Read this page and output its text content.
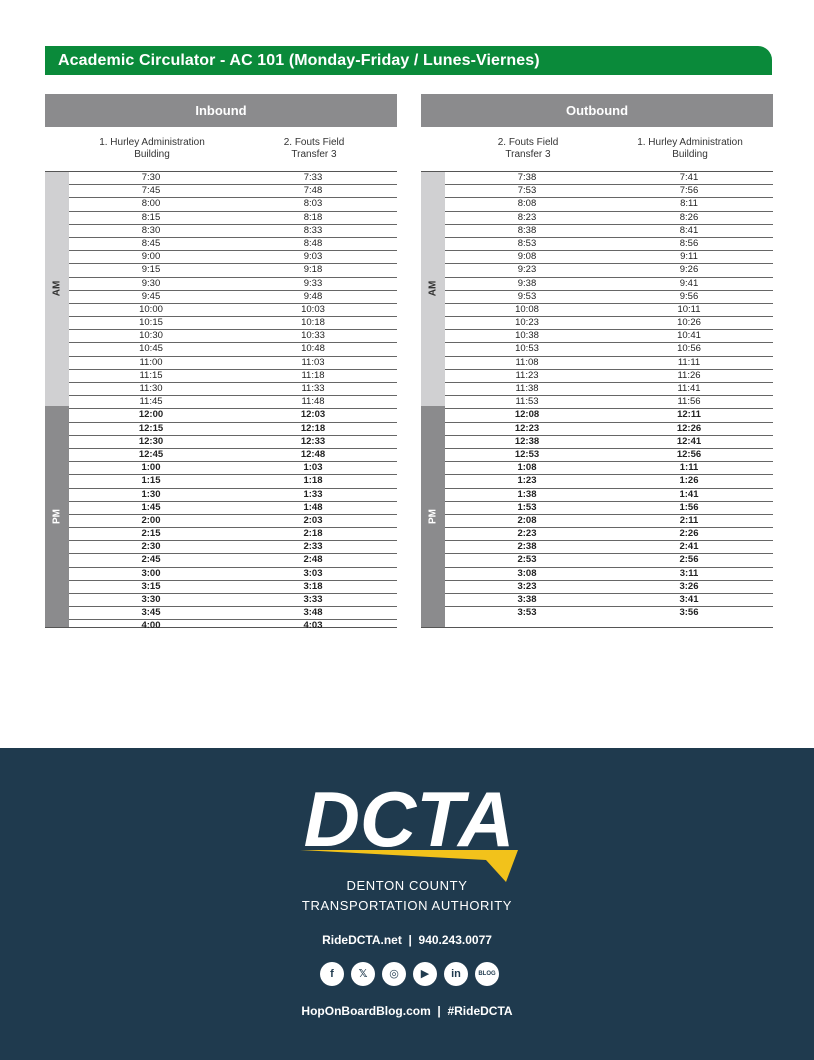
Academic Circulator - AC 101 (Monday-Friday / Lunes-Viernes)
Inbound
1. Hurley Administration
Building
2. Fouts Field
Transfer 3
AM
PM
7:30	7:33
7:45	7:48
8:00	8:03
8:15	8:18
8:30	8:33
8:45	8:48
9:00	9:03
9:15	9:18
9:30	9:33
9:45	9:48
10:00	10:03
10:15	10:18
10:30	10:33
10:45	10:48
11:00	11:03
11:15	11:18
11:30	11:33
11:45	11:48
12:00	12:03
12:15	12:18
12:30	12:33
12:45	12:48
1:00	1:03
1:15	1:18
1:30	1:33
1:45	1:48
2:00	2:03
2:15	2:18
2:30	2:33
2:45	2:48
3:00	3:03
3:15	3:18
3:30	3:33
3:45	3:48
4:00	4:03
Outbound
2. Fouts Field
Transfer 3
1. Hurley Administration
Building
AM
PM
7:38	7:41
7:53	7:56
8:08	8:11
8:23	8:26
8:38	8:41
8:53	8:56
9:08	9:11
9:23	9:26
9:38	9:41
9:53	9:56
10:08	10:11
10:23	10:26
10:38	10:41
10:53	10:56
11:08	11:11
11:23	11:26
11:38	11:41
11:53	11:56
12:08	12:11
12:23	12:26
12:38	12:41
12:53	12:56
1:08	1:11
1:23	1:26
1:38	1:41
1:53	1:56
2:08	2:11
2:23	2:26
2:38	2:41
2:53	2:56
3:08	3:11
3:23	3:26
3:38	3:41
3:53	3:56
DCTA
DENTON COUNTY
TRANSPORTATION AUTHORITY
RideDCTA.net  |  940.243.0077
f	𝕏	◎	▶	in	BLOG
HopOnBoardBlog.com  |  #RideDCTA
